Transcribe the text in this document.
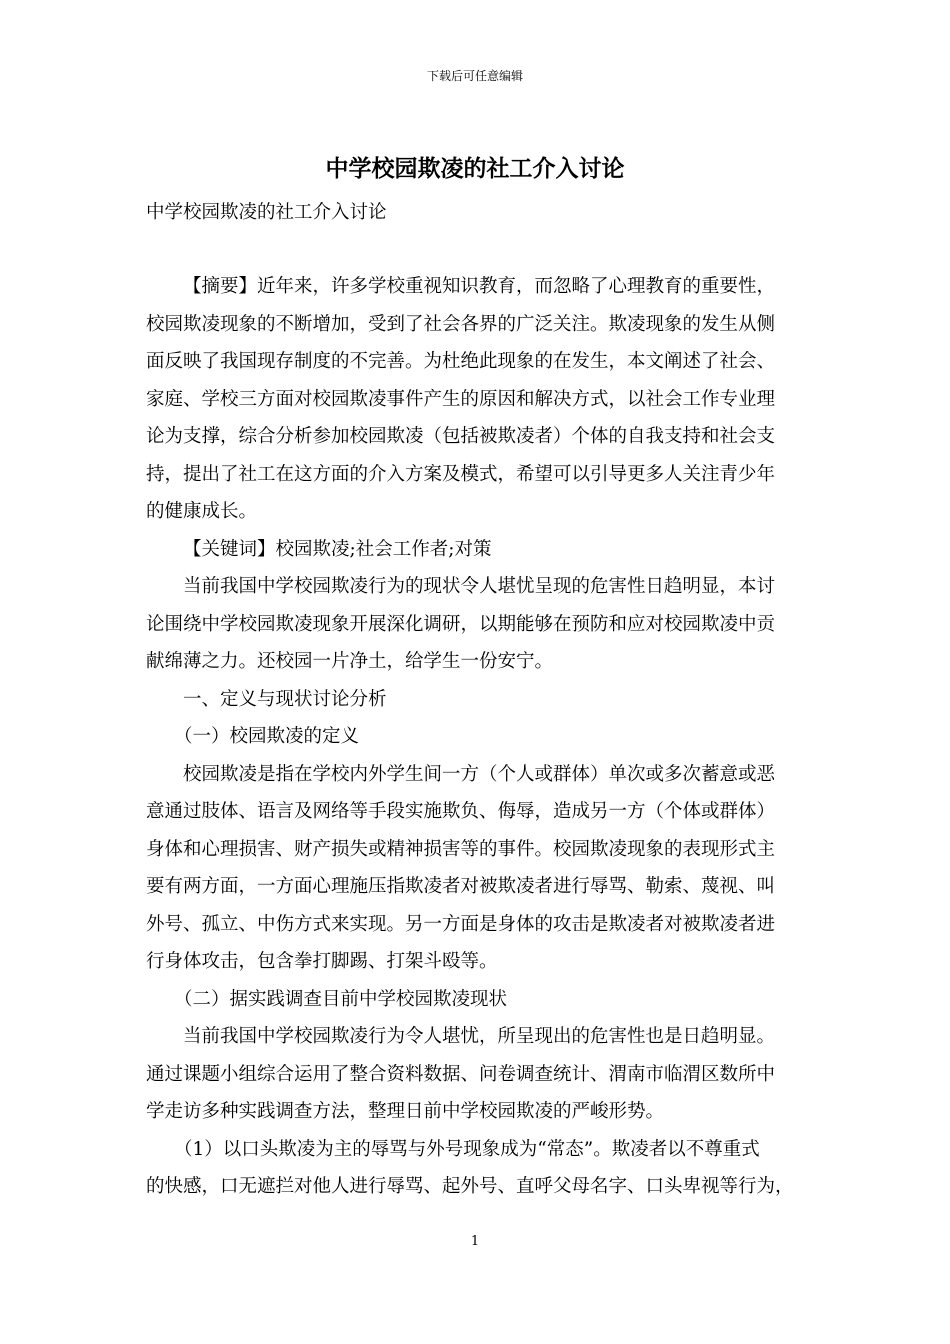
下载后可任意编辑
中学校园欺凌的社工介入讨论

中学校园欺凌的社工介入讨论

【摘要】近年来，许多学校重视知识教育，而忽略了心理教育的重要性，
校园欺凌现象的不断增加，受到了社会各界的广泛关注。欺凌现象的发生从侧
面反映了我国现存制度的不完善。为杜绝此现象的在发生，本文阐述了社会、
家庭、学校三方面对校园欺凌事件产生的原因和解决方式，以社会工作专业理
论为支撑，综合分析参加校园欺凌（包括被欺凌者）个体的自我支持和社会支
持，提出了社工在这方面的介入方案及模式，希望可以引导更多人关注青少年
的健康成长。
【关键词】校园欺凌;社会工作者;对策
当前我国中学校园欺凌行为的现状令人堪忧呈现的危害性日趋明显，本讨
论围绕中学校园欺凌现象开展深化调研，以期能够在预防和应对校园欺凌中贡
献绵薄之力。还校园一片净土，给学生一份安宁。
一、定义与现状讨论分析
（一）校园欺凌的定义
校园欺凌是指在学校内外学生间一方（个人或群体）单次或多次蓄意或恶
意通过肢体、语言及网络等手段实施欺负、侮辱，造成另一方（个体或群体）
身体和心理损害、财产损失或精神损害等的事件。校园欺凌现象的表现形式主
要有两方面，一方面心理施压指欺凌者对被欺凌者进行辱骂、勒索、蔑视、叫
外号、孤立、中伤方式来实现。另一方面是身体的攻击是欺凌者对被欺凌者进
行身体攻击，包含拳打脚踢、打架斗殴等。
（二）据实践调查目前中学校园欺凌现状
当前我国中学校园欺凌行为令人堪忧，所呈现出的危害性也是日趋明显。
通过课题小组综合运用了整合资料数据、问卷调查统计、渭南市临渭区数所中
学走访多种实践调查方法，整理日前中学校园欺凌的严峻形势。
（1）以口头欺凌为主的辱骂与外号现象成为“常态”。欺凌者以不尊重式
的快感，口无遮拦对他人进行辱骂、起外号、直呼父母名字、口头卑视等行为，
1
